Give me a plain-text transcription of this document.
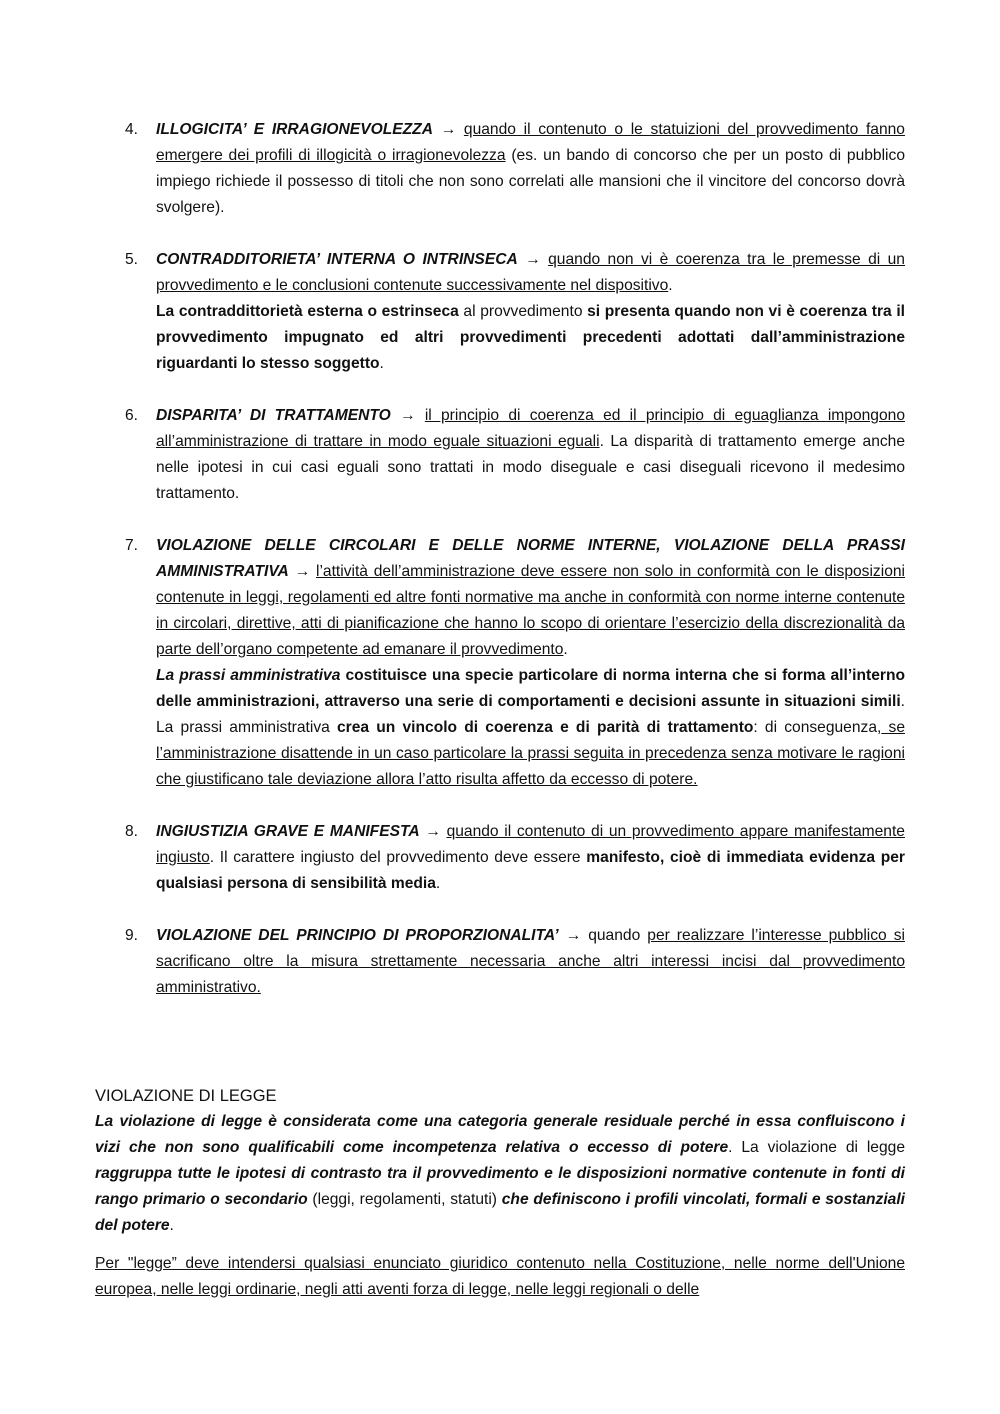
4. ILLOGICITA’ E IRRAGIONEVOLEZZA → quando il contenuto o le statuizioni del provvedimento fanno emergere dei profili di illogicità o irragionevolezza (es. un bando di concorso che per un posto di pubblico impiego richiede il possesso di titoli che non sono correlati alle mansioni che il vincitore del concorso dovrà svolgere).

5. CONTRADDITORIETA’ INTERNA O INTRINSECA → quando non vi è coerenza tra le premesse di un provvedimento e le conclusioni contenute successivamente nel dispositivo.

La contraddittorietà esterna o estrinseca al provvedimento si presenta quando non vi è coerenza tra il provvedimento impugnato ed altri provvedimenti precedenti adottati dall’amministrazione riguardanti lo stesso soggetto.

6. DISPARITA’ DI TRATTAMENTO → il principio di coerenza ed il principio di eguaglianza impongono all’amministrazione di trattare in modo eguale situazioni eguali. La disparità di trattamento emerge anche nelle ipotesi in cui casi eguali sono trattati in modo diseguale e casi diseguali ricevono il medesimo trattamento.

7. VIOLAZIONE DELLE CIRCOLARI E DELLE NORME INTERNE, VIOLAZIONE DELLA PRASSI AMMINISTRATIVA → l’attività dell’amministrazione deve essere non solo in conformità con le disposizioni contenute in leggi, regolamenti ed altre fonti normative ma anche in conformità con norme interne contenute in circolari, direttive, atti di pianificazione che hanno lo scopo di orientare l’esercizio della discrezionalità da parte dell’organo competente ad emanare il provvedimento.

La prassi amministrativa costituisce una specie particolare di norma interna che si forma all’interno delle amministrazioni, attraverso una serie di comportamenti e decisioni assunte in situazioni simili. La prassi amministrativa crea un vincolo di coerenza e di parità di trattamento: di conseguenza, se l’amministrazione disattende in un caso particolare la prassi seguita in precedenza senza motivare le ragioni che giustificano tale deviazione allora l’atto risulta affetto da eccesso di potere.

8. INGIUSTIZIA GRAVE E MANIFESTA → quando il contenuto di un provvedimento appare manifestamente ingiusto. Il carattere ingiusto del provvedimento deve essere manifesto, cioè di immediata evidenza per qualsiasi persona di sensibilità media.

9. VIOLAZIONE DEL PRINCIPIO DI PROPORZIONALITA’ → quando per realizzare l’interesse pubblico si sacrificano oltre la misura strettamente necessaria anche altri interessi incisi dal provvedimento amministrativo.

VIOLAZIONE DI LEGGE

La violazione di legge è considerata come una categoria generale residuale perché in essa confluiscono i vizi che non sono qualificabili come incompetenza relativa o eccesso di potere. La violazione di legge raggruppa tutte le ipotesi di contrasto tra il provvedimento e le disposizioni normative contenute in fonti di rango primario o secondario (leggi, regolamenti, statuti) che definiscono i profili vincolati, formali e sostanziali del potere.

Per "legge” deve intendersi qualsiasi enunciato giuridico contenuto nella Costituzione, nelle norme dell'Unione europea, nelle leggi ordinarie, negli atti aventi forza di legge, nelle leggi regionali o delle
